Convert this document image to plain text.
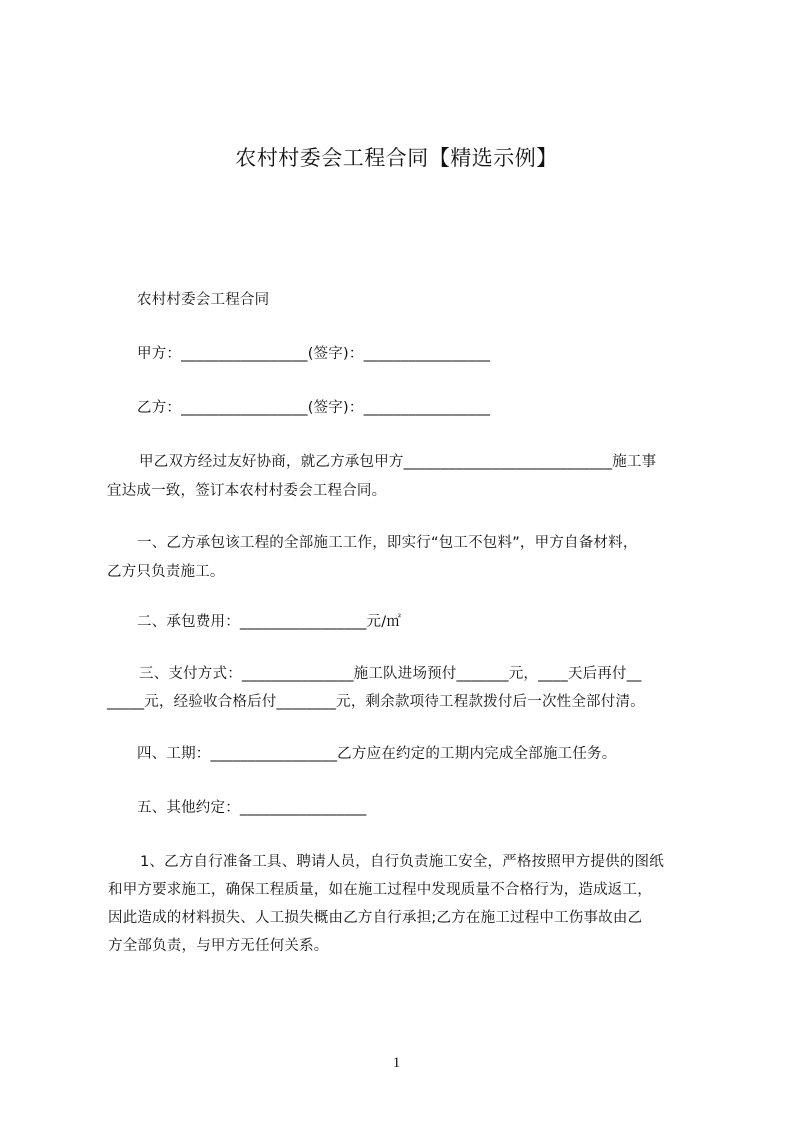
农村村委会工程合同【精选示例】
农村村委会工程合同
甲方：_________________(签字)：_________________
乙方：_________________(签字)：_________________
甲乙双方经过友好协商，就乙方承包甲方____________________________施工事
宜达成一致，签订本农村村委会工程合同。
一、乙方承包该工程的全部施工工作，即实行“包工不包料”，甲方自备材料，
乙方只负责施工。
二、承包费用：_________________元/㎡
三、支付方式：_______________施工队进场预付_______元，____天后再付__
_____元，经验收合格后付________元，剩余款项待工程款拨付后一次性全部付清。
四、工期：_________________乙方应在约定的工期内完成全部施工任务。
五、其他约定：_________________
1、乙方自行准备工具、聘请人员，自行负责施工安全，严格按照甲方提供的图纸
和甲方要求施工，确保工程质量，如在施工过程中发现质量不合格行为，造成返工，
因此造成的材料损失、人工损失概由乙方自行承担;乙方在施工过程中工伤事故由乙
方全部负责，与甲方无任何关系。
1
